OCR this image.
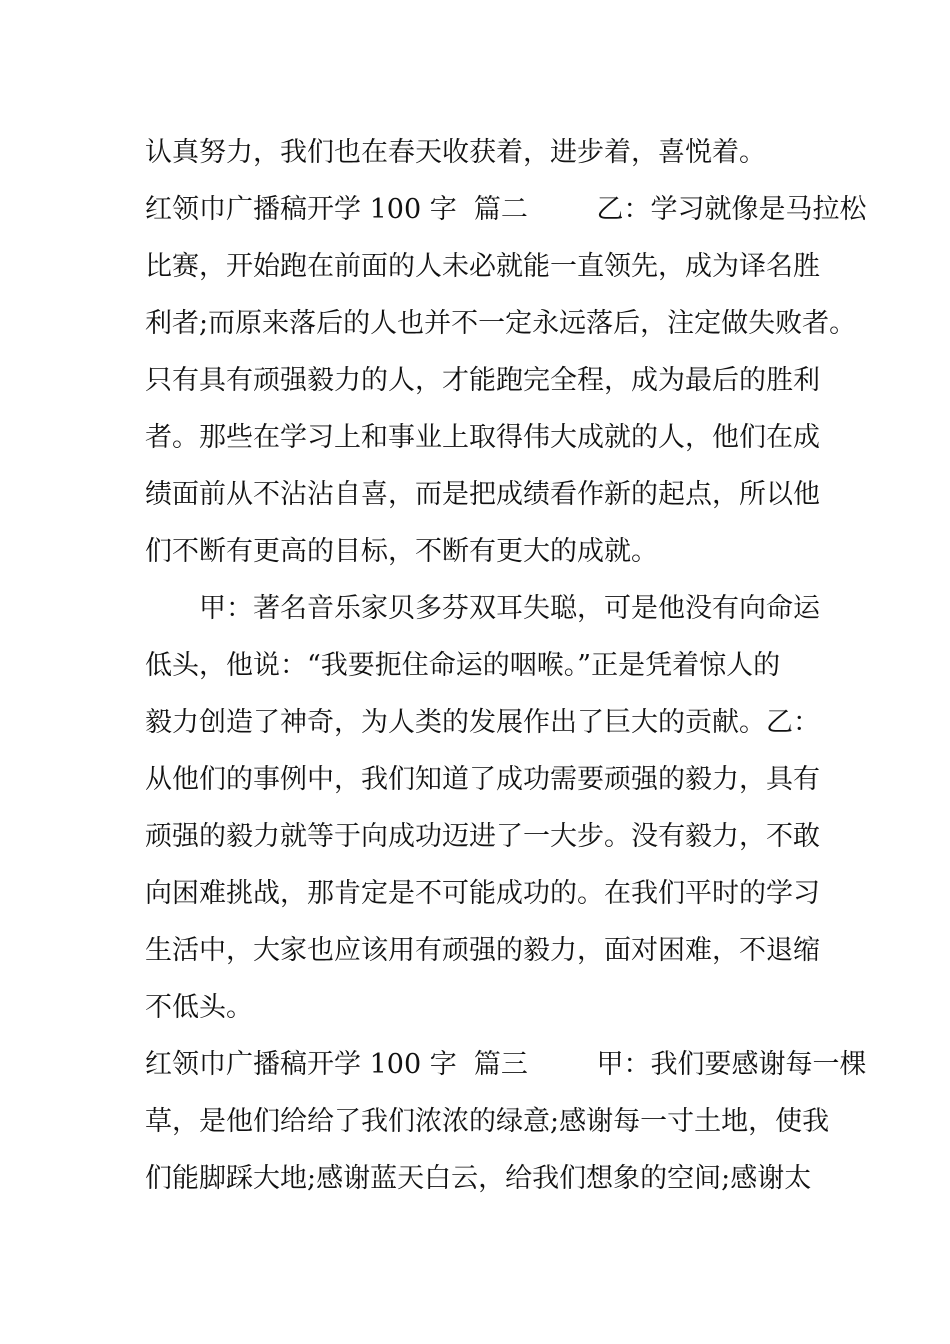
认真努力，我们也在春天收获着，进步着，喜悦着。
红领巾广播稿开学 100 字  篇二        乙：学习就像是马拉松
比赛，开始跑在前面的人未必就能一直领先，成为译名胜
利者;而原来落后的人也并不一定永远落后，注定做失败者。
只有具有顽强毅力的人，才能跑完全程，成为最后的胜利
者。那些在学习上和事业上取得伟大成就的人，他们在成
绩面前从不沾沾自喜，而是把成绩看作新的起点，所以他
们不断有更高的目标，不断有更大的成就。
甲：著名音乐家贝多芬双耳失聪，可是他没有向命运
低头，他说：“我要扼住命运的咽喉。”正是凭着惊人的
毅力创造了神奇，为人类的发展作出了巨大的贡献。乙：
从他们的事例中，我们知道了成功需要顽强的毅力，具有
顽强的毅力就等于向成功迈进了一大步。没有毅力，不敢
向困难挑战，那肯定是不可能成功的。在我们平时的学习
生活中，大家也应该用有顽强的毅力，面对困难，不退缩
不低头。
红领巾广播稿开学 100 字  篇三        甲：我们要感谢每一棵
草，是他们给给了我们浓浓的绿意;感谢每一寸土地，使我
们能脚踩大地;感谢蓝天白云，给我们想象的空间;感谢太
